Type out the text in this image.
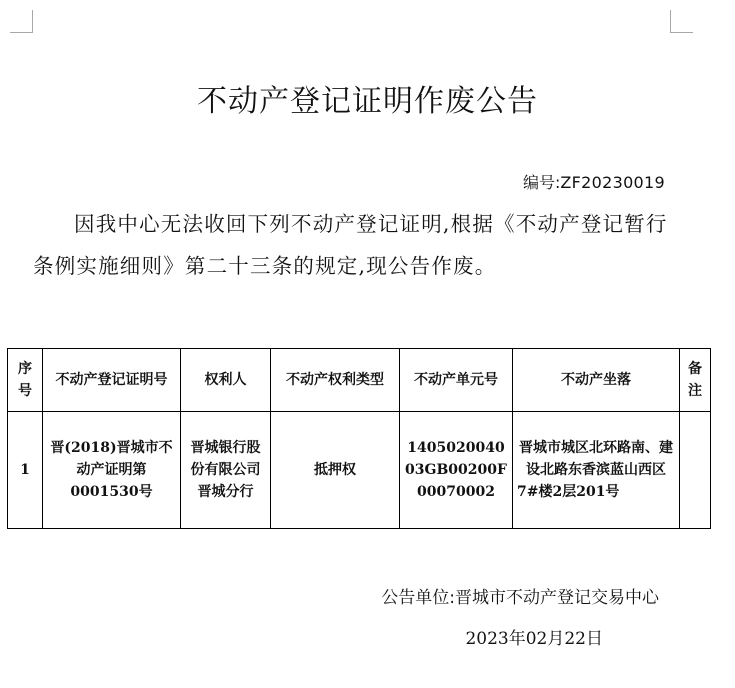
不动产登记证明作废公告
编号:ZF20230019
因我中心无法收回下列不动产登记证明,根据《不动产登记暂行条例实施细则》第二十三条的规定,现公告作废。
序号	不动产登记证明号	权利人	不动产权利类型	不动产单元号	不动产坐落	备注
1	晋(2018)晋城市不动产证明第0001530号	晋城银行股份有限公司晋城分行	抵押权	140502004003GB00200F00070002	晋城市城区北环路南、建设北路东香滨蓝山西区7#楼2层201号	
公告单位:晋城市不动产登记交易中心
2023年02月22日
